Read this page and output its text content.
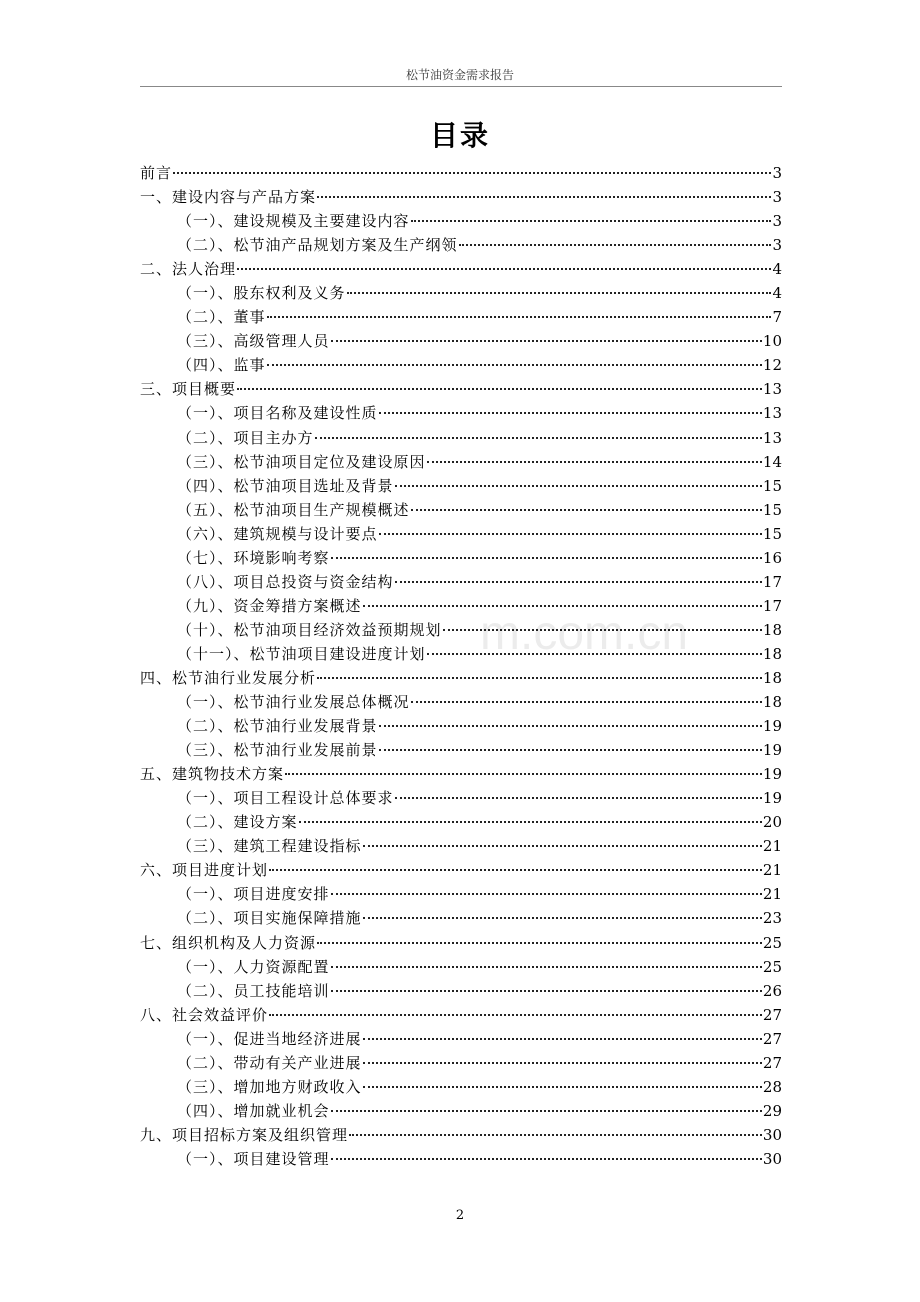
松节油资金需求报告
目录
前言	3
一、建设内容与产品方案	3
（一）、建设规模及主要建设内容	3
（二）、松节油产品规划方案及生产纲领	3
二、法人治理	4
（一）、股东权利及义务	4
（二）、董事	7
（三）、高级管理人员	10
（四）、监事	12
三、项目概要	13
（一）、项目名称及建设性质	13
（二）、项目主办方	13
（三）、松节油项目定位及建设原因	14
（四）、松节油项目选址及背景	15
（五）、松节油项目生产规模概述	15
（六）、建筑规模与设计要点	15
（七）、环境影响考察	16
（八）、项目总投资与资金结构	17
（九）、资金筹措方案概述	17
（十）、松节油项目经济效益预期规划	18
（十一）、松节油项目建设进度计划	18
四、松节油行业发展分析	18
（一）、松节油行业发展总体概况	18
（二）、松节油行业发展背景	19
（三）、松节油行业发展前景	19
五、建筑物技术方案	19
（一）、项目工程设计总体要求	19
（二）、建设方案	20
（三）、建筑工程建设指标	21
六、项目进度计划	21
（一）、项目进度安排	21
（二）、项目实施保障措施	23
七、组织机构及人力资源	25
（一）、人力资源配置	25
（二）、员工技能培训	26
八、社会效益评价	27
（一）、促进当地经济进展	27
（二）、带动有关产业进展	27
（三）、增加地方财政收入	28
（四）、增加就业机会	29
九、项目招标方案及组织管理	30
（一）、项目建设管理	30
m.com.cn
2
